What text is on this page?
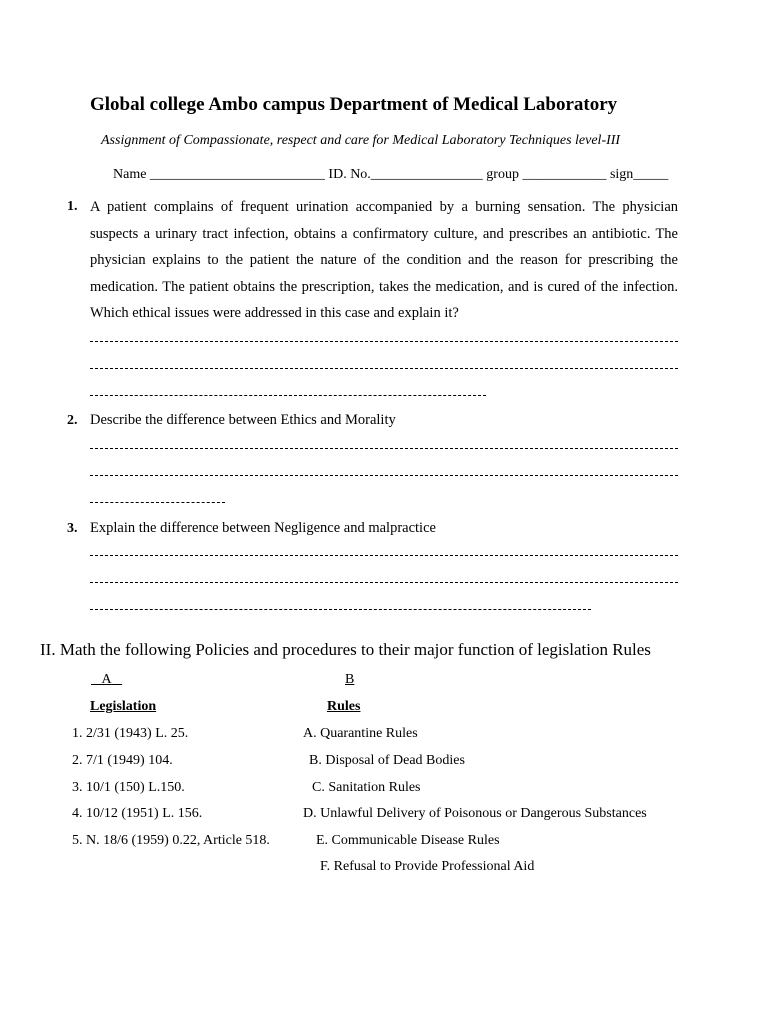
Global college Ambo campus Department of Medical Laboratory
Assignment of Compassionate, respect and care for Medical Laboratory Techniques level-III
Name _________________________ ID. No.________________ group ____________ sign_____
1. A patient complains of frequent urination accompanied by a burning sensation. The physician suspects a urinary tract infection, obtains a confirmatory culture, and prescribes an antibiotic. The physician explains to the patient the nature of the condition and the reason for prescribing the medication. The patient obtains the prescription, takes the medication, and is cured of the infection. Which ethical issues were addressed in this case and explain it?
2. Describe the difference between Ethics and Morality
3. Explain the difference between Negligence and malpractice
II. Math the following Policies and procedures to their major function of legislation Rules
A	B
Legislation	Rules
1. 2/31 (1943) L. 25.
2. 7/1 (1949) 104.
3. 10/1 (150) L.150.
4. 10/12 (1951) L. 156.
5. N. 18/6 (1959) 0.22, Article 518.
A. Quarantine Rules
B. Disposal of Dead Bodies
C. Sanitation Rules
D. Unlawful Delivery of Poisonous or Dangerous Substances
E. Communicable Disease Rules
F. Refusal to Provide Professional Aid
